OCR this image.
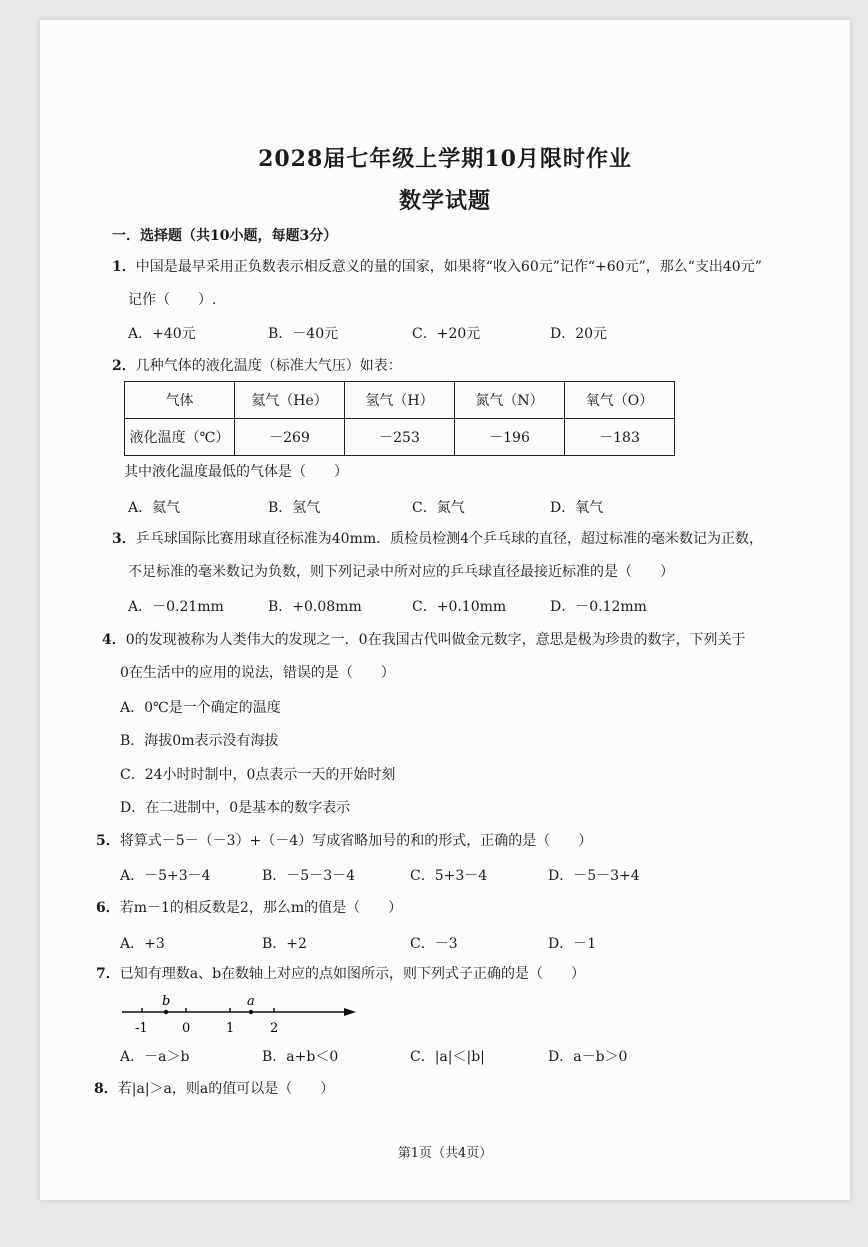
2028届七年级上学期10月限时作业
数学试题
一．选择题（共10小题，每题3分）
1．中国是最早采用正负数表示相反意义的量的国家，如果将“收入60元”记作“+60元”，那么“支出40元”
记作（　　）.
A．+40元	B．－40元	C．+20元	D．20元
2．几种气体的液化温度（标准大气压）如表：
气体	氦气（He）	氢气（H）	氮气（N）	氧气（O）
液化温度（℃）	－269	－253	－196	－183
其中液化温度最低的气体是（　　）
A．氦气	B．氢气	C．氮气	D．氧气
3．乒乓球国际比赛用球直径标准为40mm．质检员检测4个乒乓球的直径，超过标准的毫米数记为正数，
不足标准的毫米数记为负数，则下列记录中所对应的乒乓球直径最接近标准的是（　　）
A．－0.21mm	B．+0.08mm	C．+0.10mm	D．－0.12mm
4．0的发现被称为人类伟大的发现之一．0在我国古代叫做金元数字，意思是极为珍贵的数字，下列关于
0在生活中的应用的说法，错误的是（　　）
A．0℃是一个确定的温度
B．海拔0m表示没有海拔
C．24小时时制中，0点表示一天的开始时刻
D．在二进制中，0是基本的数字表示
5．将算式－5－（－3）+（－4）写成省略加号的和的形式，正确的是（　　）
A．－5+3－4	B．－5－3－4	C．5+3－4	D．－5－3+4
6．若m－1的相反数是2，那么m的值是（　　）
A．+3	B．+2	C．－3	D．－1
7．已知有理数a、b在数轴上对应的点如图所示，则下列式子正确的是（　　）
b	a
-1	0	1	2
A．－a＞b	B．a+b＜0	C．|a|＜|b|	D．a－b＞0
8．若|a|＞a，则a的值可以是（　　）
第1页（共4页）
